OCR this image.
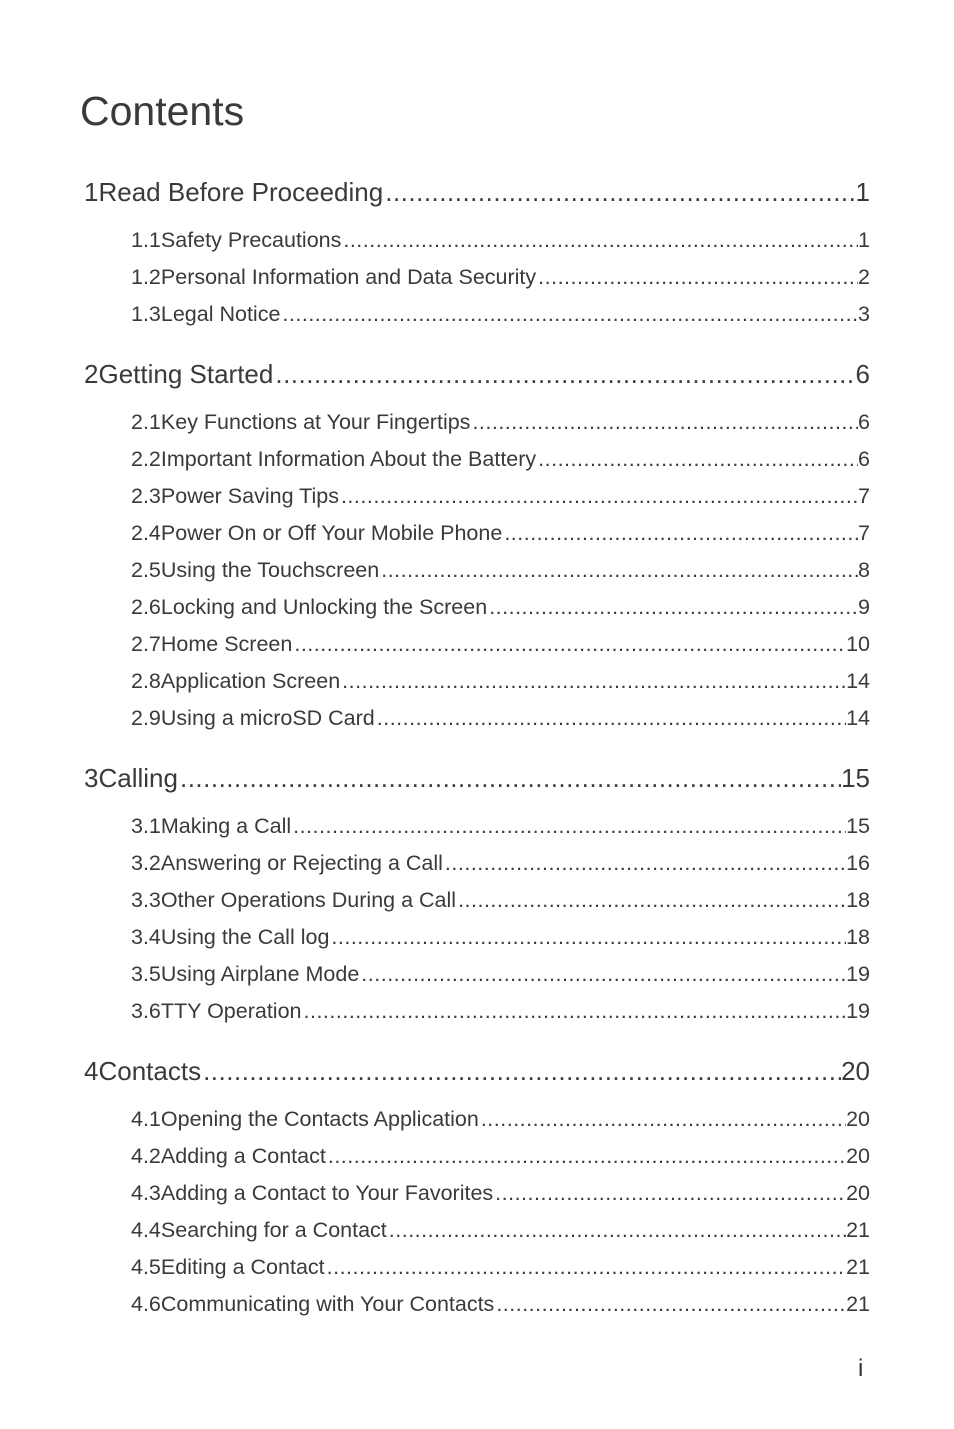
Contents
1 Read Before Proceeding .....	1
1.1 Safety Precautions .....	1
1.2 Personal Information and Data Security .....	2
1.3 Legal Notice .....	3
2 Getting Started .....	6
2.1 Key Functions at Your Fingertips .....	6
2.2 Important Information About the Battery .....	6
2.3 Power Saving Tips .....	7
2.4 Power On or Off Your Mobile Phone .....	7
2.5 Using the Touchscreen .....	8
2.6 Locking and Unlocking the Screen .....	9
2.7 Home Screen .....	10
2.8 Application Screen .....	14
2.9 Using a microSD Card .....	14
3 Calling .....	15
3.1 Making a Call .....	15
3.2 Answering or Rejecting a Call .....	16
3.3 Other Operations During a Call .....	18
3.4 Using the Call log .....	18
3.5 Using Airplane Mode .....	19
3.6 TTY Operation .....	19
4 Contacts .....	20
4.1 Opening the Contacts Application .....	20
4.2 Adding a Contact .....	20
4.3 Adding a Contact to Your Favorites .....	20
4.4 Searching for a Contact .....	21
4.5 Editing a Contact .....	21
4.6 Communicating with Your Contacts .....	21
i
